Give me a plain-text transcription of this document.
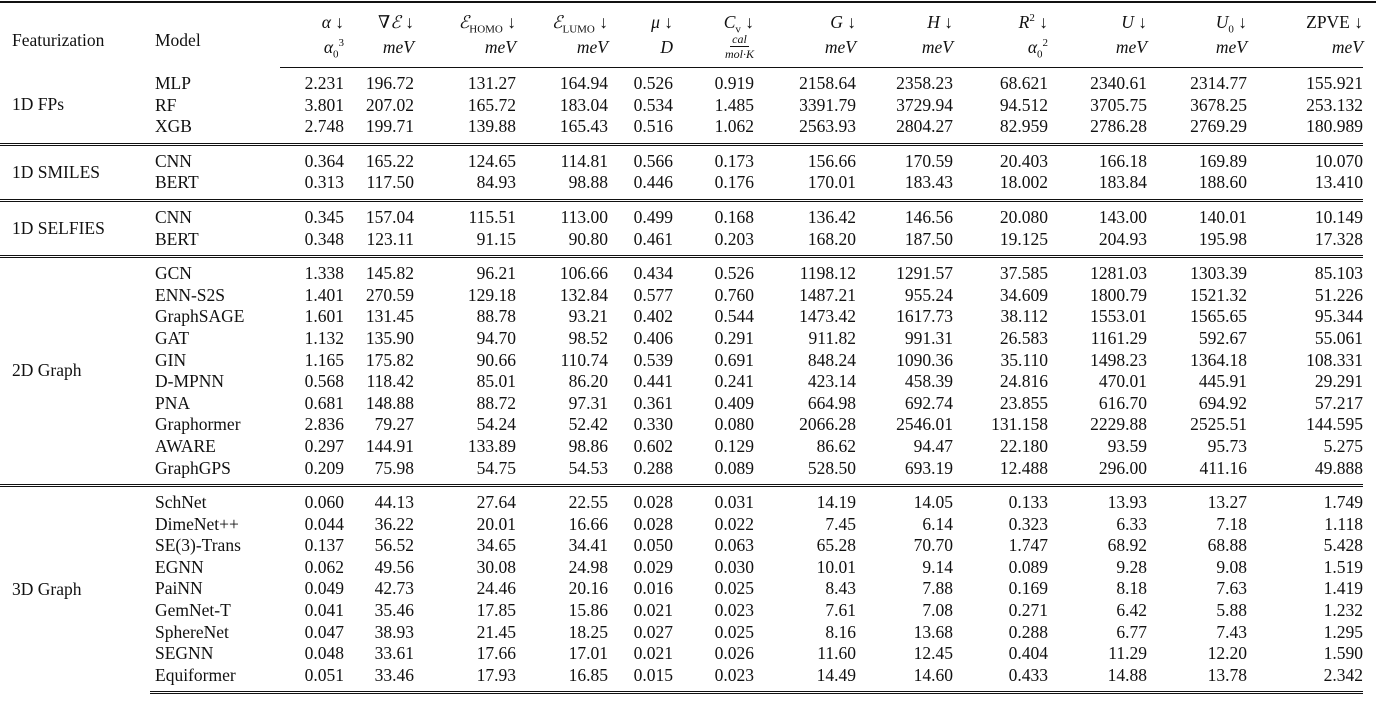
Featurization	Model	α ↓	∇ℰ ↓	ℰ$_{HOMO}$ ↓	ℰ$_{LUMO}$ ↓	μ ↓	$C_v$ ↓	G ↓	H ↓	$R^2$ ↓	U ↓	$U_0$ ↓	ZPVE ↓
		$\alpha_0^3$	meV	meV	meV	D	$\frac{\text{cal}}{\text{mol·K}}$	meV	meV	$\alpha_0^2$	meV	meV	meV
1D FPs	MLP	2.231	196.72	131.27	164.94	0.526	0.919	2158.64	2358.23	68.621	2340.61	2314.77	155.921
	RF	3.801	207.02	165.72	183.04	0.534	1.485	3391.79	3729.94	94.512	3705.75	3678.25	253.132
	XGB	2.748	199.71	139.88	165.43	0.516	1.062	2563.93	2804.27	82.959	2786.28	2769.29	180.989
1D SMILES	CNN	0.364	165.22	124.65	114.81	0.566	0.173	156.66	170.59	20.403	166.18	169.89	10.070
	BERT	0.313	117.50	84.93	98.88	0.446	0.176	170.01	183.43	18.002	183.84	188.60	13.410
1D SELFIES	CNN	0.345	157.04	115.51	113.00	0.499	0.168	136.42	146.56	20.080	143.00	140.01	10.149
	BERT	0.348	123.11	91.15	90.80	0.461	0.203	168.20	187.50	19.125	204.93	195.98	17.328
2D Graph	GCN	1.338	145.82	96.21	106.66	0.434	0.526	1198.12	1291.57	37.585	1281.03	1303.39	85.103
	ENN-S2S	1.401	270.59	129.18	132.84	0.577	0.760	1487.21	955.24	34.609	1800.79	1521.32	51.226
	GraphSAGE	1.601	131.45	88.78	93.21	0.402	0.544	1473.42	1617.73	38.112	1553.01	1565.65	95.344
	GAT	1.132	135.90	94.70	98.52	0.406	0.291	911.82	991.31	26.583	1161.29	592.67	55.061
	GIN	1.165	175.82	90.66	110.74	0.539	0.691	848.24	1090.36	35.110	1498.23	1364.18	108.331
	D-MPNN	0.568	118.42	85.01	86.20	0.441	0.241	423.14	458.39	24.816	470.01	445.91	29.291
	PNA	0.681	148.88	88.72	97.31	0.361	0.409	664.98	692.74	23.855	616.70	694.92	57.217
	Graphormer	2.836	79.27	54.24	52.42	0.330	0.080	2066.28	2546.01	131.158	2229.88	2525.51	144.595
	AWARE	0.297	144.91	133.89	98.86	0.602	0.129	86.62	94.47	22.180	93.59	95.73	5.275
	GraphGPS	0.209	75.98	54.75	54.53	0.288	0.089	528.50	693.19	12.488	296.00	411.16	49.888
3D Graph	SchNet	0.060	44.13	27.64	22.55	0.028	0.031	14.19	14.05	0.133	13.93	13.27	1.749
	DimeNet++	0.044	36.22	20.01	16.66	0.028	0.022	7.45	6.14	0.323	6.33	7.18	1.118
	SE(3)-Trans	0.137	56.52	34.65	34.41	0.050	0.063	65.28	70.70	1.747	68.92	68.88	5.428
	EGNN	0.062	49.56	30.08	24.98	0.029	0.030	10.01	9.14	0.089	9.28	9.08	1.519
	PaiNN	0.049	42.73	24.46	20.16	0.016	0.025	8.43	7.88	0.169	8.18	7.63	1.419
	GemNet-T	0.041	35.46	17.85	15.86	0.021	0.023	7.61	7.08	0.271	6.42	5.88	1.232
	SphereNet	0.047	38.93	21.45	18.25	0.027	0.025	8.16	13.68	0.288	6.77	7.43	1.295
	SEGNN	0.048	33.61	17.66	17.01	0.021	0.026	11.60	12.45	0.404	11.29	12.20	1.590
	Equiformer	0.051	33.46	17.93	16.85	0.015	0.023	14.49	14.60	0.433	14.88	13.78	2.342
